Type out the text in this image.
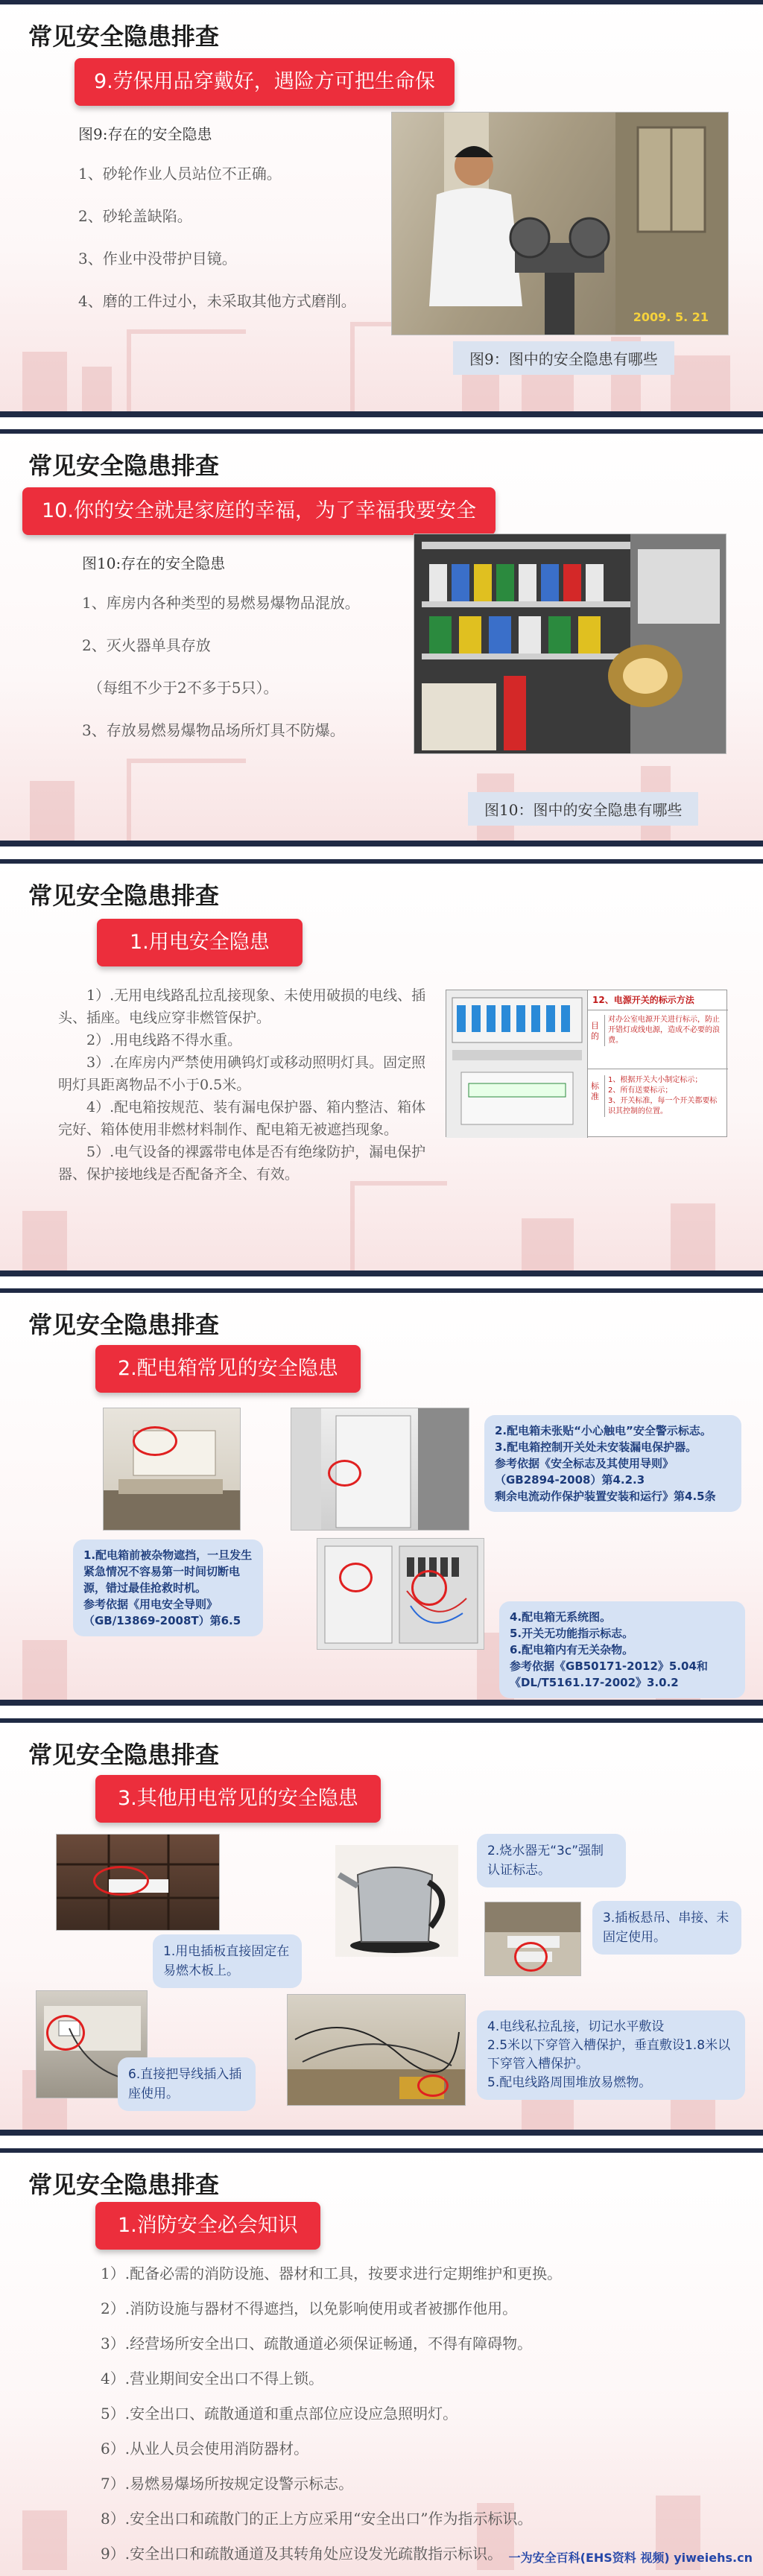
常见安全隐患排查
9.劳保用品穿戴好，遇险方可把生命保
图9:存在的安全隐患
1、砂轮作业人员站位不正确。
2、砂轮盖缺陷。
3、作业中没带护目镜。
4、磨的工件过小，未采取其他方式磨削。
2009. 5. 21
图9：图中的安全隐患有哪些
常见安全隐患排查
10.你的安全就是家庭的幸福，为了幸福我要安全
图10:存在的安全隐患
1、库房内各种类型的易燃易爆物品混放。
2、灭火器单具存放
（每组不少于2不多于5只）。
3、存放易燃易爆物品场所灯具不防爆。
图10：图中的安全隐患有哪些
常见安全隐患排查
1.用电安全隐患
1）.无用电线路乱拉乱接现象、未使用破损的电线、插头、插座。电线应穿非燃管保护。
2）.用电线路不得水重。
3）.在库房内严禁使用碘钨灯或移动照明灯具。固定照明灯具距离物品不小于0.5米。
4）.配电箱按规范、装有漏电保护器、箱内整洁、箱体完好、箱体使用非燃材料制作、配电箱无被遮挡现象。
5）.电气设备的裸露带电体是否有绝缘防护，漏电保护器、保护接地线是否配备齐全、有效。
12、电源开关的标示方法
目的
对办公室电源开关进行标示，防止开错灯或线电源，造成不必要的浪费。
标准
1、根据开关大小制定标示；
2、所有送要标示；
3、开关标准，每一个开关都要标识其控制的位置。
常见安全隐患排查
2.配电箱常见的安全隐患
2.配电箱未张贴“小心触电”安全警示标志。
3.配电箱控制开关处未安装漏电保护器。
参考依据《安全标志及其使用导则》（GB2894-2008）第4.2.3
剩余电流动作保护装置安装和运行》第4.5条
1.配电箱前被杂物遮挡，一旦发生紧急情况不容易第一时间切断电源，错过最佳抢救时机。
参考依据《用电安全导则》（GB/13869-2008T）第6.5	4.配电箱无系统图。
5.开关无功能指示标志。
6.配电箱内有无关杂物。
参考依据《GB50171-2012》5.04和《DL/T5161.17-2002》3.0.2
常见安全隐患排查
3.其他用电常见的安全隐患
1.用电插板直接固定在易燃木板上。
2.烧水器无“3c”强制认证标志。
3.插板悬吊、串接、未固定使用。
6.直接把导线插入插座使用。
4.电线私拉乱接，切记水平敷设
2.5米以下穿管入槽保护，垂直敷设1.8米以下穿管入槽保护。
5.配电线路周围堆放易燃物。
常见安全隐患排查
1.消防安全必会知识
1）.配备必需的消防设施、器材和工具，按要求进行定期维护和更换。
2）.消防设施与器材不得遮挡，以免影响使用或者被挪作他用。
3）.经营场所安全出口、疏散通道必须保证畅通，不得有障碍物。
4）.营业期间安全出口不得上锁。
5）.安全出口、疏散通道和重点部位应设应急照明灯。
6）.从业人员会使用消防器材。
7）.易燃易爆场所按规定设警示标志。
8）.安全出口和疏散门的正上方应采用“安全出口”作为指示标识。
9）.安全出口和疏散通道及其转角处应设发光疏散指示标识。 一为安全百科(EHS资料 视频) yiweiehs.cn
